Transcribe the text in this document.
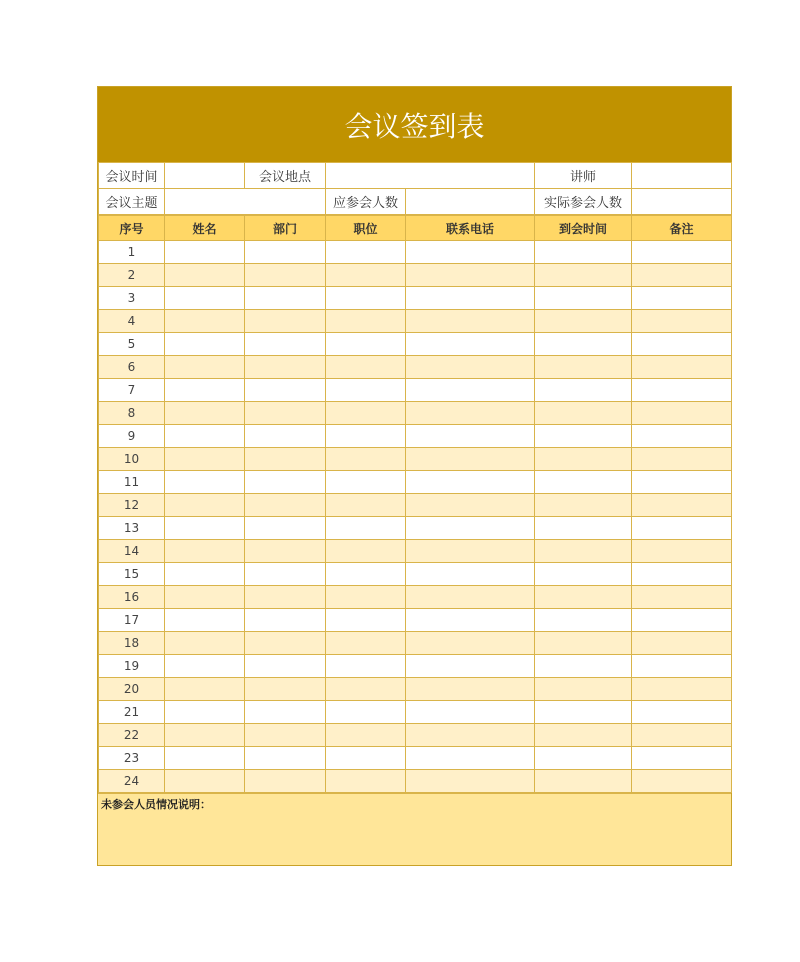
会议签到表
会议时间		会议地点			讲师	
会议主题			应参会人数		实际参会人数	
序号	姓名	部门	职位	联系电话	到会时间	备注
1						
2						
3						
4						
5						
6						
7						
8						
9						
10						
11						
12						
13						
14						
15						
16						
17						
18						
19						
20						
21						
22						
23						
24						
未参会人员情况说明：
